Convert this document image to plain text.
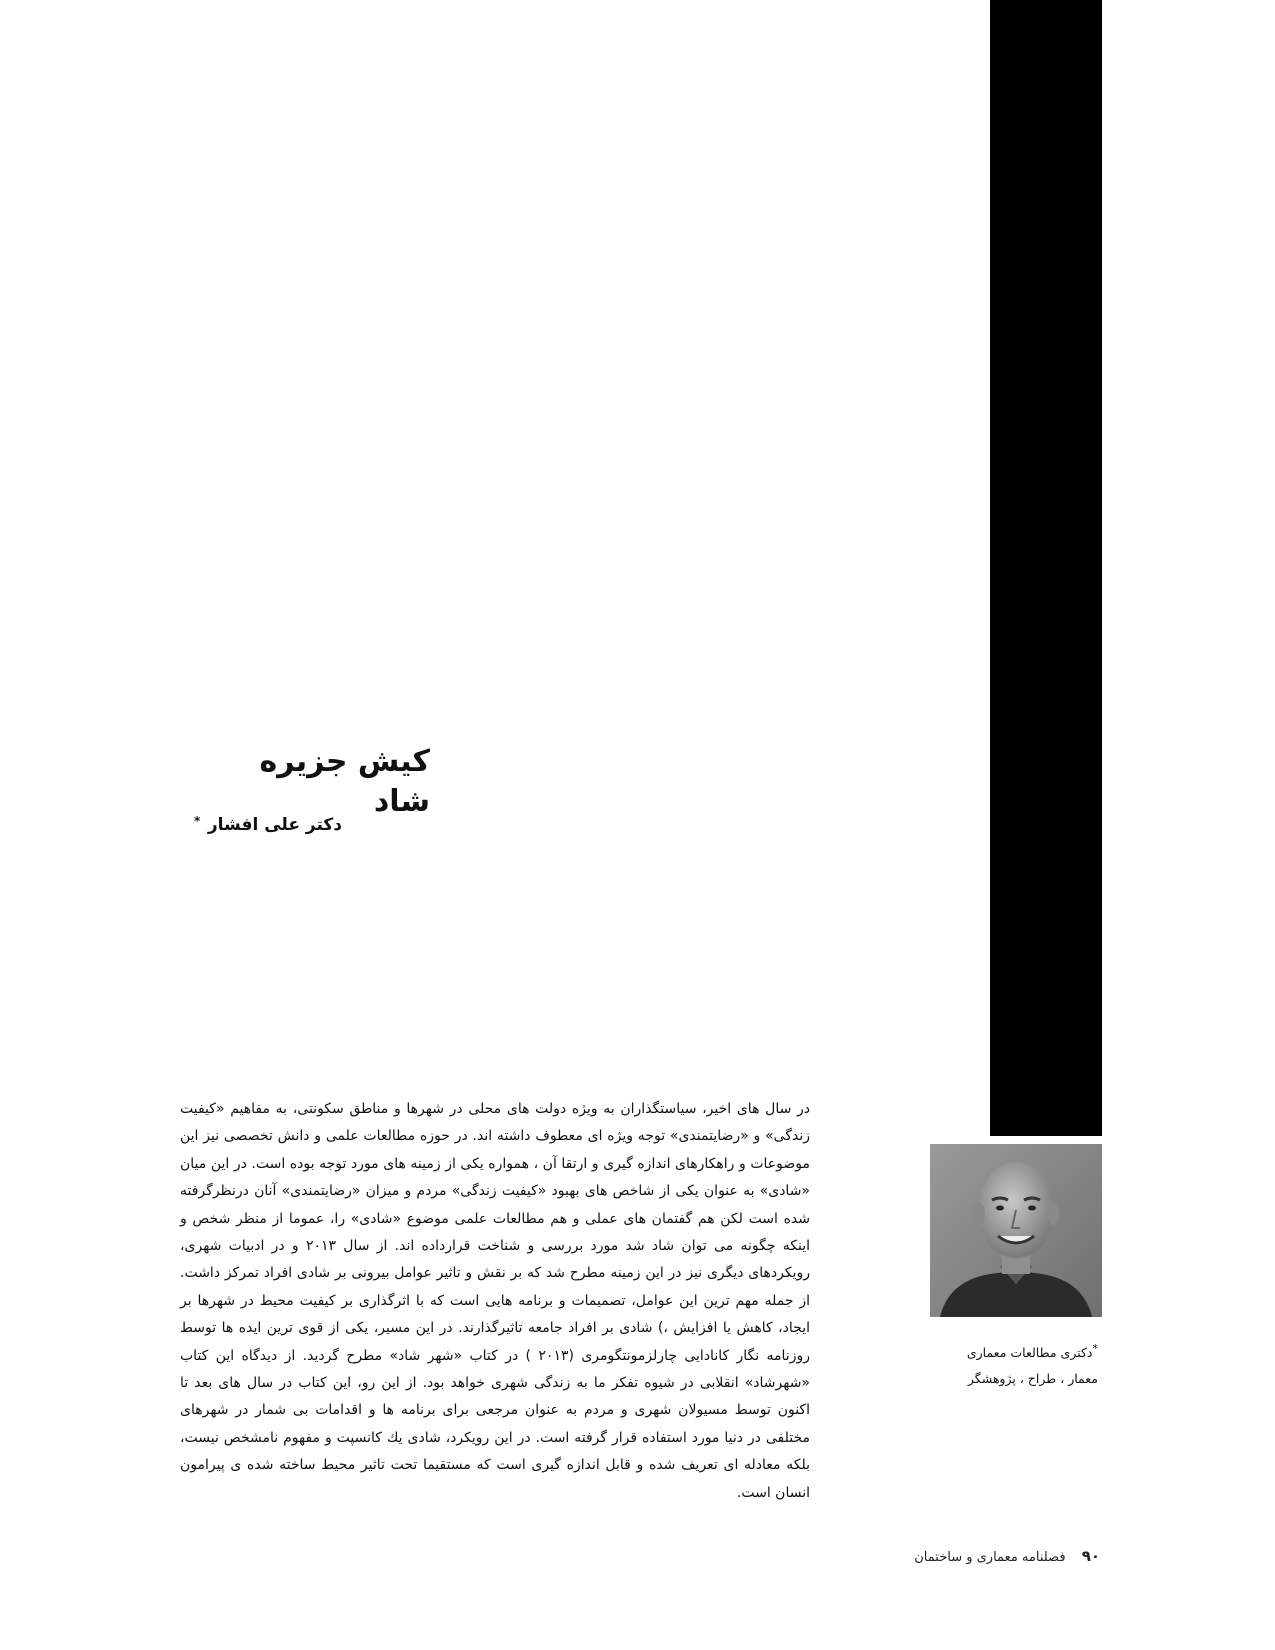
کیش جزیره شاد
دکتر علی افشار
*

در سال های اخیر، سیاستگذاران به ویژه دولت های محلی در شهرها و مناطق سکونتی، به مفاهیم «کیفیت زندگی» و «رضایتمندی» توجه ویژه ای معطوف داشته اند. در حوزه مطالعات علمی و دانش تخصصی نیز این موضوعات و راهکارهای اندازه گیری و ارتقا آن ، همواره یکی از زمینه های مورد توجه بوده است. در این میان «شادی» به عنوان یکی از شاخص های بهبود «کیفیت زندگی» مردم و میزان «رضایتمندی» آنان درنظرگرفته شده است لکن هم گفتمان های عملی و هم مطالعات علمی موضوع «شادی» را، عموما از منظر شخص و اینکه چگونه می توان شاد شد مورد بررسی و شناخت قرارداده اند. از سال ۲۰۱۳ و در ادبیات شهری، رویکردهای دیگری نیز در این زمینه مطرح شد که بر نقش و تاثیر عوامل بیرونی بر شادی افراد تمرکز داشت. از جمله مهم ترین این عوامل، تصمیمات و برنامه هایی است که با اثرگذاری بر کیفیت محیط در شهرها بر ایجاد، کاهش یا افزایش ،) شادی بر افراد جامعه تاثیرگذارند. در این مسیر، یکی از قوی ترین ایده ها توسط روزنامه نگار کانادایی چارلزمونتگومری (۲۰۱۳ ) در کتاب «شهر شاد» مطرح گردید. از دیدگاه این کتاب «شهرشاد» انقلابی در شیوه تفکر ما به زندگی شهری خواهد بود. از این رو، این کتاب در سال های بعد تا اکنون توسط مسیولان شهری و مردم به عنوان مرجعی برای برنامه ها و اقدامات بی شمار در شهرهای مختلفی در دنیا مورد استفاده قرار گرفته است. در این رویکرد، شادی یك کانسپت و مفهوم نامشخص نیست، بلکه معادله ای تعریف شده و قابل اندازه گیری است که مستقیما تحت تاثیر محیط ساخته شده ی پیرامون انسان است.

*دکتری مطالعات معماری
معمار ، طراح ، پژوهشگر
۹۰ فصلنامه معماری و ساختمان
